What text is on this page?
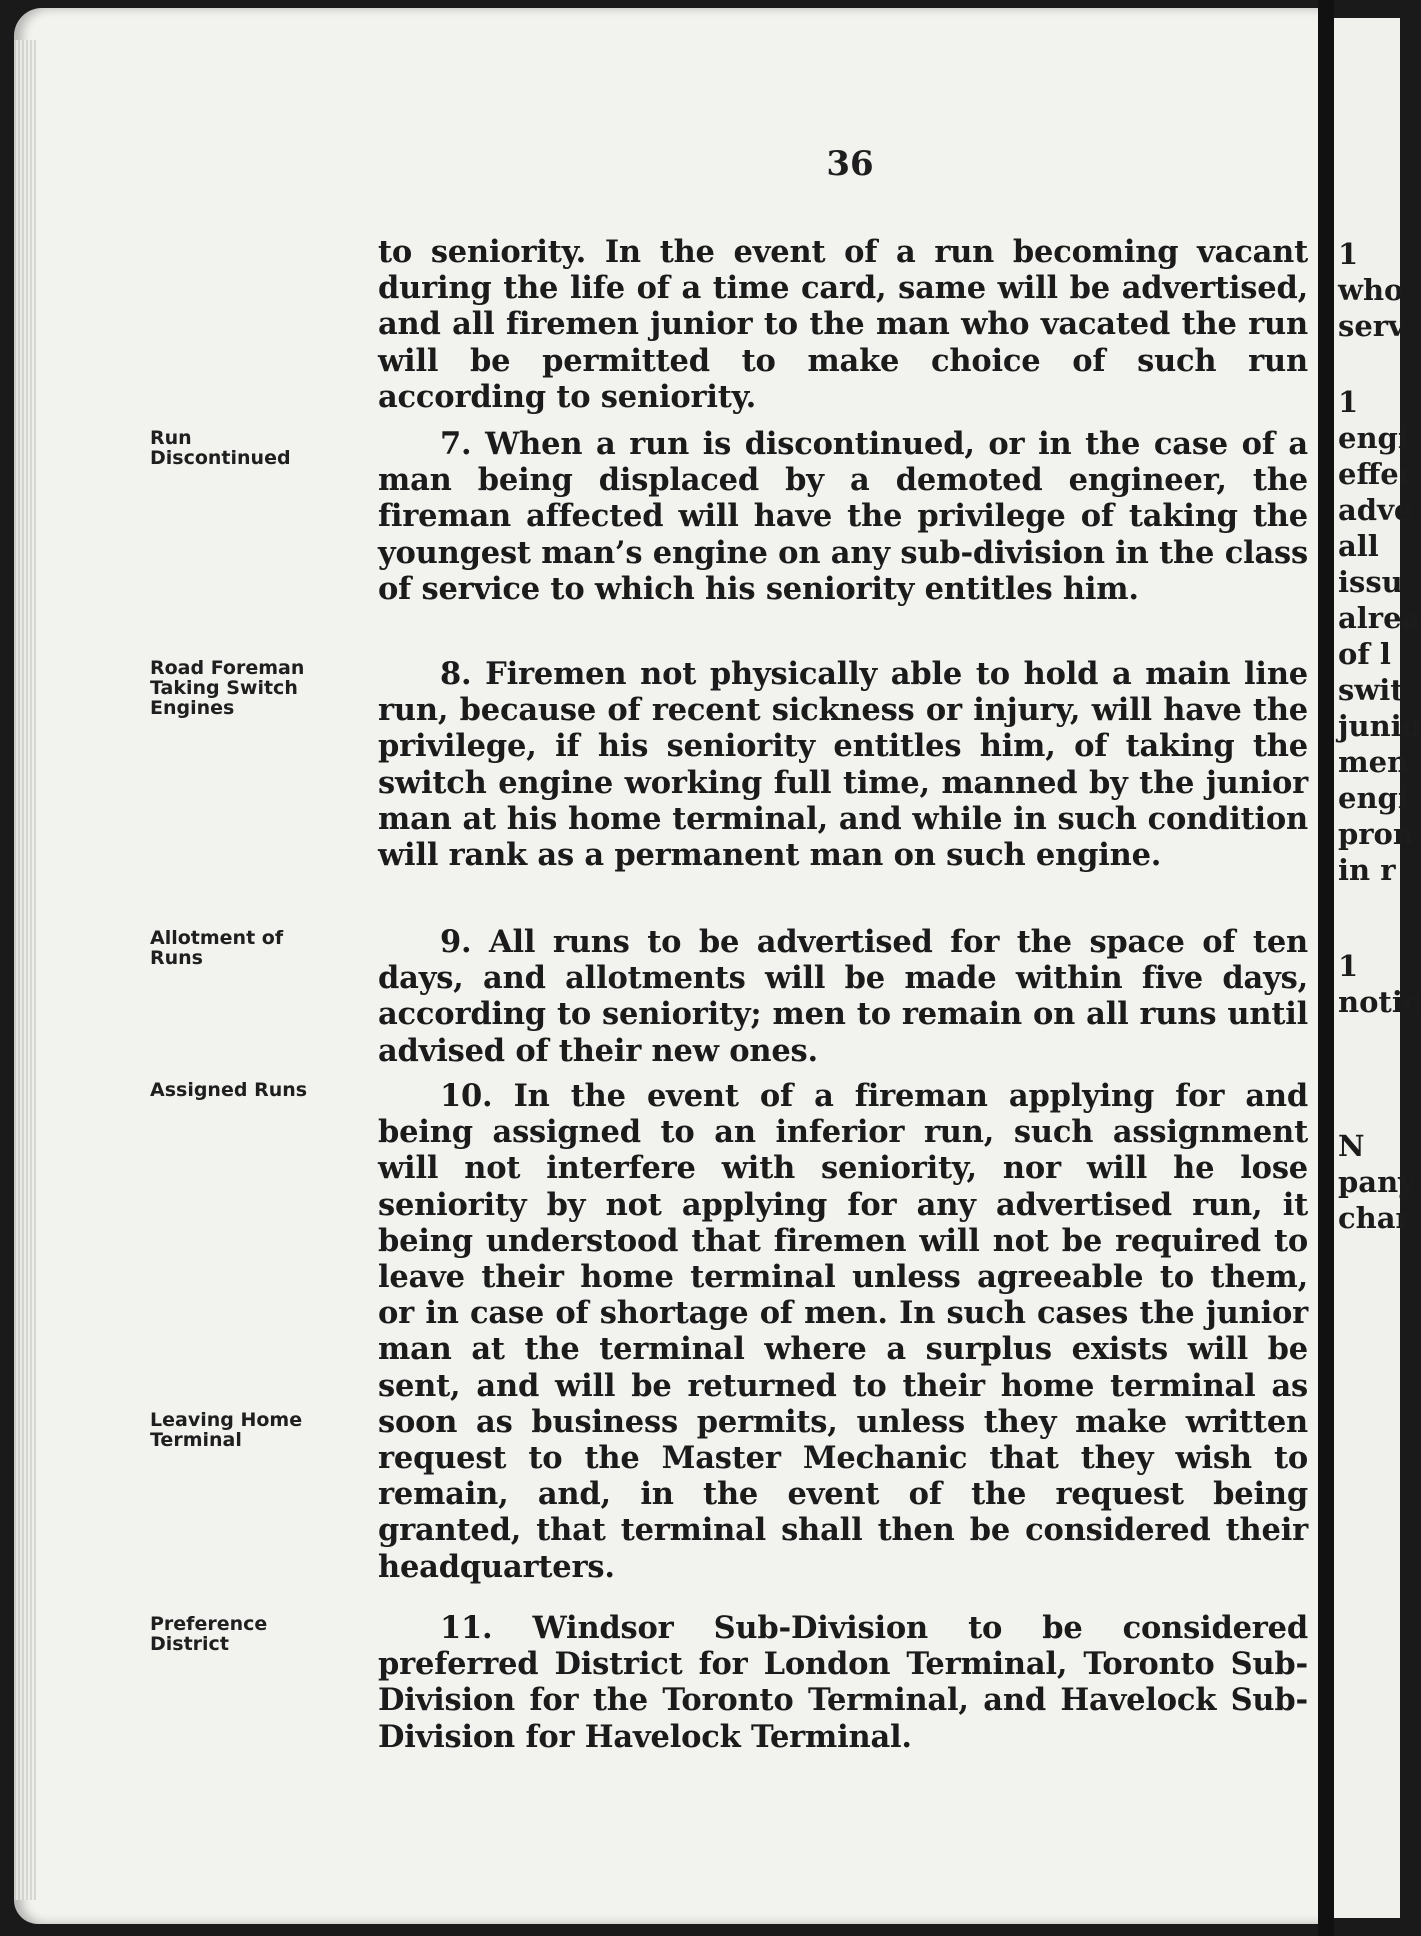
1
who
serv
1
engi
effec
adve
all
issu
alrea
of l
swit
junio
men
engi
pron
in r
1
notic
N
pany
char
36
Run
Discontinued
Road Foreman
Taking Switch
Engines
Allotment of
Runs
Assigned Runs
Leaving Home
Terminal
Preference
District

to seniority. In the event of a run becoming vacant during the life of a time card, same will be advertised, and all firemen junior to the man who vacated the run will be permitted to make choice of such run according to seniority.

7. When a run is discontinued, or in the case of a man being displaced by a demoted engineer, the fireman affected will have the privilege of taking the youngest man’s engine on any sub-division in the class of service to which his seniority entitles him.

8. Firemen not physically able to hold a main line run, because of recent sickness or injury, will have the privilege, if his seniority entitles him, of taking the switch engine working full time, manned by the junior man at his home terminal, and while in such condition will rank as a permanent man on such engine.

9. All runs to be advertised for the space of ten days, and allotments will be made within five days, according to seniority; men to remain on all runs until advised of their new ones.

10. In the event of a fireman applying for and being assigned to an inferior run, such assignment will not interfere with seniority, nor will he lose seniority by not applying for any advertised run, it being understood that firemen will not be required to leave their home terminal unless agreeable to them, or in case of shortage of men. In such cases the junior man at the terminal where a surplus exists will be sent, and will be returned to their home terminal as soon as business permits, unless they make written request to the Master Mechanic that they wish to remain, and, in the event of the request being granted, that terminal shall then be considered their headquarters.

11. Windsor Sub-Division to be considered preferred District for London Terminal, Toronto Sub-Division for the Toronto Terminal, and Havelock Sub-Division for Havelock Terminal.
